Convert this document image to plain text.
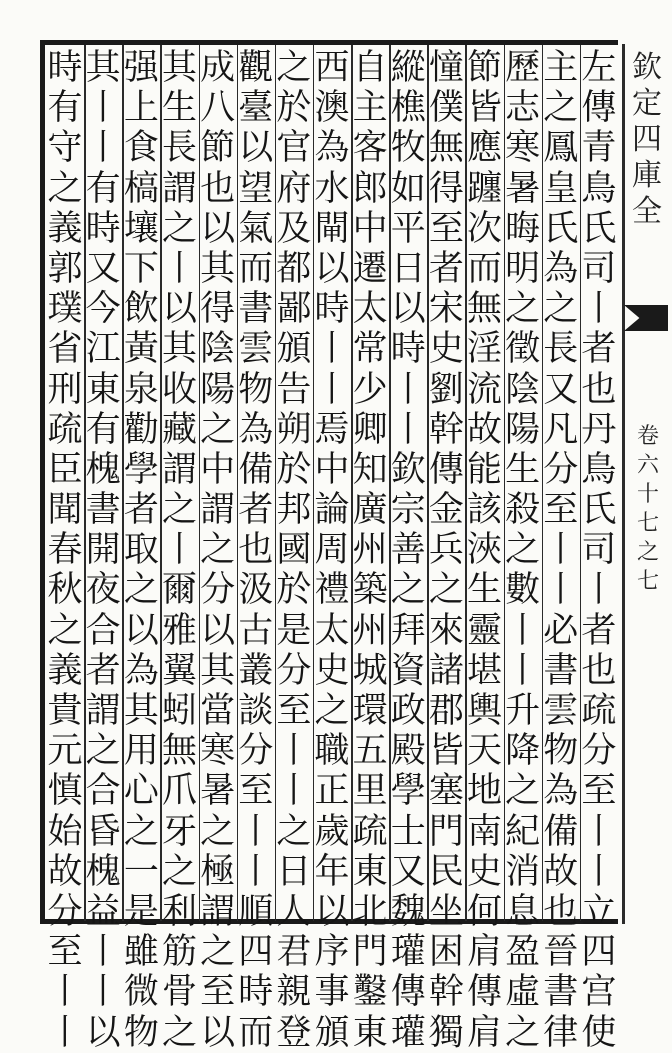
欽
定
四
庫
全
卷
六
十
七
之
七
左
傳
青
鳥
氏
司
丨
者
也
丹
鳥
氏
司
丨
者
也
疏
分
至
丨
丨
立
四
宫
使
主
之
鳳
皇
氏
為
之
長
又
凡
分
至
丨
丨
必
書
雲
物
為
備
故
也
晉
書
律
歷
志
寒
暑
晦
明
之
徵
陰
陽
生
殺
之
數
丨
丨
升
降
之
紀
消
息
盈
虛
之
節
皆
應
躔
次
而
無
淫
流
故
能
該
浹
生
靈
堪
輿
天
地
南
史
何
肩
傳
肩
憧
僕
無
得
至
者
宋
史
劉
幹
傳
金
兵
之
來
諸
郡
皆
塞
門
民
坐
困
幹
獨
縱
樵
牧
如
平
日
以
時
丨
丨
欽
宗
善
之
拜
資
政
殿
學
士
又
魏
瓘
傳
瓘
自
主
客
郎
中
遷
太
常
少
卿
知
廣
州
築
州
城
環
五
里
疏
東
北
門
鑿
東
西
澳
為
水
閘
以
時
丨
丨
焉
中
論
周
禮
太
史
之
職
正
歲
年
以
序
事
頒
之
於
官
府
及
都
鄙
頒
告
朔
於
邦
國
於
是
分
至
丨
丨
之
日
人
君
親
登
觀
臺
以
望
氣
而
書
雲
物
為
備
者
也
汲
古
叢
談
分
至
丨
丨
順
四
時
而
成
八
節
也
以
其
得
陰
陽
之
中
謂
之
分
以
其
當
寒
暑
之
極
謂
之
至
以
其
生
長
謂
之
丨
以
其
收
藏
謂
之
丨
爾
雅
翼
蚓
無
爪
牙
之
利
筋
骨
之
强
上
食
槁
壤
下
飲
黃
泉
勸
學
者
取
之
以
為
其
用
心
之
一
是
雖
微
物
其
丨
丨
有
時
又
今
江
東
有
槐
書
開
夜
合
者
謂
之
合
昏
槐
益
丨
丨
以
時
有
守
之
義
郭
璞
省
刑
疏
臣
聞
春
秋
之
義
貴
元
慎
始
故
分
至
丨
丨
